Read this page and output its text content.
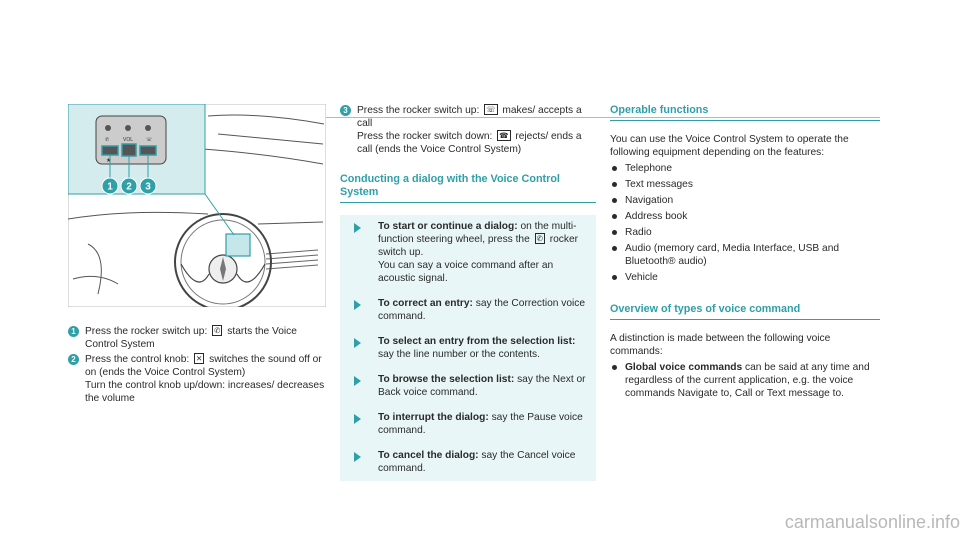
✆	VOL	☏
★
1 2 3
1 Press the rocker switch up: ✆ starts the Voice Control System

2 Press the control knob: ✕ switches the sound off or on (ends the Voice Control System)

Turn the control knob up/down: increases/ decreases the volume

3 Press the rocker switch up: ☏ makes/ accepts a call

Press the rocker switch down: ☎ rejects/ ends a call (ends the Voice Control System)

Conducting a dialog with the Voice Control System

To start or continue a dialog: on the multi-function steering wheel, press the ✆ rocker switch up.

You can say a voice command after an acoustic signal.

To correct an entry: say the Correction voice command.

To select an entry from the selection list: say the line number or the contents.

To browse the selection list: say the Next or Back voice command.

To interrupt the dialog: say the Pause voice command.

To cancel the dialog: say the Cancel voice command.

Operable functions

You can use the Voice Control System to operate the following equipment depending on the features:

Telephone
Text messages
Navigation
Address book
Radio
Audio (memory card, Media Interface, USB and Bluetooth® audio)
Vehicle
Overview of types of voice command

A distinction is made between the following voice commands:

Global voice commands can be said at any time and regardless of the current application, e.g. the voice commands Navigate to, Call or Text message to.
carmanualsonline.info
